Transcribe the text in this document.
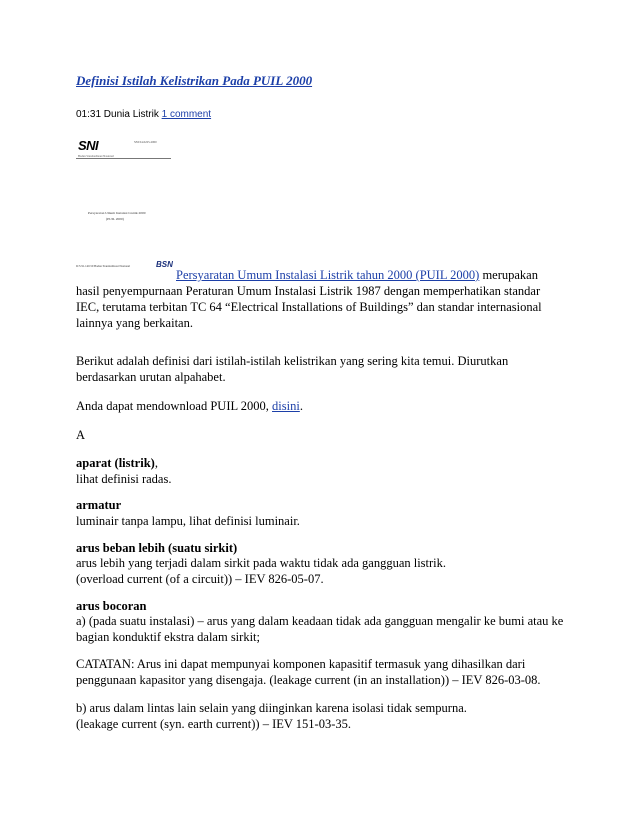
Definisi Istilah Kelistrikan Pada PUIL 2000
01:31 Dunia Listrik 1 comment
SNI
Badan Standardisasi Nasional
SNI 04-0225-2000
Persyaratan Umum Instalasi Listrik 2000
(PUIL 2000)
ICS 91.140.50 Badan Standardisasi Nasional	BSN
Persyaratan Umum Instalasi Listrik tahun 2000 (PUIL 2000) merupakan
hasil penyempurnaan Peraturan Umum Instalasi Listrik 1987 dengan memperhatikan standar
IEC, terutama terbitan TC 64 “Electrical Installations of Buildings” dan standar internasional
lainnya yang berkaitan.
Berikut adalah definisi dari istilah-istilah kelistrikan yang sering kita temui. Diurutkan
berdasarkan urutan alpahabet.
Anda dapat mendownload PUIL 2000, disini.
A
aparat (listrik),
lihat definisi radas.
armatur
luminair tanpa lampu, lihat definisi luminair.
arus beban lebih (suatu sirkit)
arus lebih yang terjadi dalam sirkit pada waktu tidak ada gangguan listrik.
(overload current (of a circuit)) – IEV 826-05-07.
arus bocoran
a) (pada suatu instalasi) – arus yang dalam keadaan tidak ada gangguan mengalir ke bumi atau ke
bagian konduktif ekstra dalam sirkit;
CATATAN: Arus ini dapat mempunyai komponen kapasitif termasuk yang dihasilkan dari
penggunaan kapasitor yang disengaja. (leakage current (in an installation)) – IEV 826-03-08.
b) arus dalam lintas lain selain yang diinginkan karena isolasi tidak sempurna.
(leakage current (syn. earth current)) – IEV 151-03-35.
